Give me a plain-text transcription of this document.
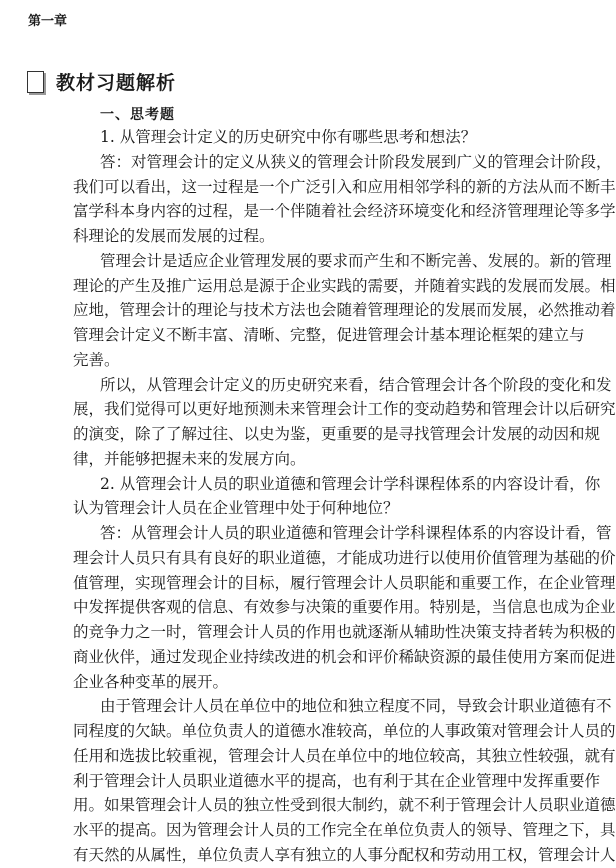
第一章
教材习题解析
一、思考题
1. 从管理会计定义的历史研究中你有哪些思考和想法？
答：对管理会计的定义从狭义的管理会计阶段发展到广义的管理会计阶段，
我们可以看出，这一过程是一个广泛引入和应用相邻学科的新的方法从而不断丰
富学科本身内容的过程，是一个伴随着社会经济环境变化和经济管理理论等多学
科理论的发展而发展的过程。
管理会计是适应企业管理发展的要求而产生和不断完善、发展的。新的管理
理论的产生及推广运用总是源于企业实践的需要，并随着实践的发展而发展。相
应地，管理会计的理论与技术方法也会随着管理理论的发展而发展，必然推动着
管理会计定义不断丰富、清晰、完整，促进管理会计基本理论框架的建立与
完善。
所以，从管理会计定义的历史研究来看，结合管理会计各个阶段的变化和发
展，我们觉得可以更好地预测未来管理会计工作的变动趋势和管理会计以后研究
的演变，除了了解过往、以史为鉴，更重要的是寻找管理会计发展的动因和规
律，并能够把握未来的发展方向。
2. 从管理会计人员的职业道德和管理会计学科课程体系的内容设计看，你
认为管理会计人员在企业管理中处于何种地位？
答：从管理会计人员的职业道德和管理会计学科课程体系的内容设计看，管
理会计人员只有具有良好的职业道德，才能成功进行以使用价值管理为基础的价
值管理，实现管理会计的目标，履行管理会计人员职能和重要工作，在企业管理
中发挥提供客观的信息、有效参与决策的重要作用。特别是，当信息也成为企业
的竞争力之一时，管理会计人员的作用也就逐渐从辅助性决策支持者转为积极的
商业伙伴，通过发现企业持续改进的机会和评价稀缺资源的最佳使用方案而促进
企业各种变革的展开。
由于管理会计人员在单位中的地位和独立程度不同，导致会计职业道德有不
同程度的欠缺。单位负责人的道德水准较高，单位的人事政策对管理会计人员的
任用和选拔比较重视，管理会计人员在单位中的地位较高，其独立性较强，就有
利于管理会计人员职业道德水平的提高，也有利于其在企业管理中发挥重要作
用。如果管理会计人员的独立性受到很大制约，就不利于管理会计人员职业道德
水平的提高。因为管理会计人员的工作完全在单位负责人的领导、管理之下，具
有天然的从属性，单位负责人享有独立的人事分配权和劳动用工权，管理会计人
